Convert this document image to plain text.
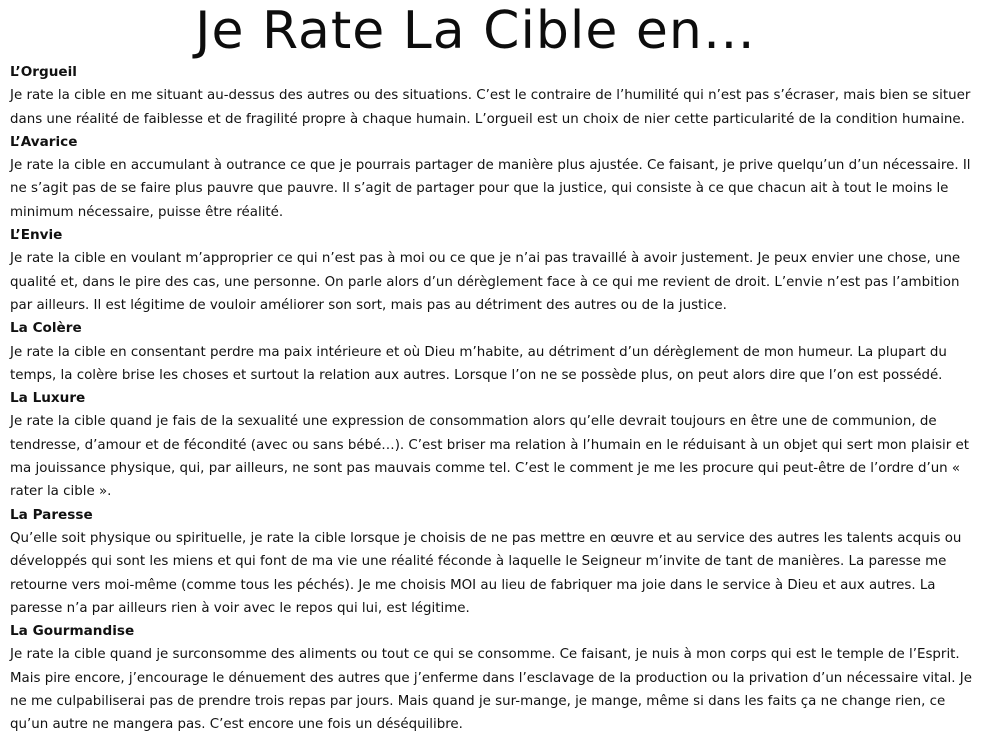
Je Rate La Cible en…

L’Orgueil

Je rate la cible en me situant au-dessus des autres ou des situations. C’est le contraire de l’humilité qui n’est pas s’écraser, mais bien se situer dans une réalité de faiblesse et de fragilité propre à chaque humain. L’orgueil est un choix de nier cette particularité de la condition humaine.

L’Avarice

Je rate la cible en accumulant à outrance ce que je pourrais partager de manière plus ajustée. Ce faisant, je prive quelqu’un d’un nécessaire. Il ne s’agit pas de se faire plus pauvre que pauvre. Il s’agit de partager pour que la justice, qui consiste à ce que chacun ait à tout le moins le minimum nécessaire, puisse être réalité.

L’Envie

Je rate la cible en voulant m’approprier ce qui n’est pas à moi ou ce que je n’ai pas travaillé à avoir justement. Je peux envier une chose, une qualité et, dans le pire des cas, une personne. On parle alors d’un dérèglement face à ce qui me revient de droit. L’envie n’est pas l’ambition par ailleurs. Il est légitime de vouloir améliorer son sort, mais pas au détriment des autres ou de la justice.

La Colère

Je rate la cible en consentant perdre ma paix intérieure et où Dieu m’habite, au détriment d’un dérèglement de mon humeur. La plupart du temps, la colère brise les choses et surtout la relation aux autres. Lorsque l’on ne se possède plus, on peut alors dire que l’on est possédé.

La Luxure

Je rate la cible quand je fais de la sexualité une expression de consommation alors qu’elle devrait toujours en être une de communion, de tendresse, d’amour et de fécondité (avec ou sans bébé…). C’est briser ma relation à l’humain en le réduisant à un objet qui sert mon plaisir et ma jouissance physique, qui, par ailleurs, ne sont pas mauvais comme tel. C’est le comment je me les procure qui peut-être de l’ordre d’un « rater la cible ».

La Paresse

Qu’elle soit physique ou spirituelle, je rate la cible lorsque je choisis de ne pas mettre en œuvre et au service des autres les talents acquis ou développés qui sont les miens et qui font de ma vie une réalité féconde à laquelle le Seigneur m’invite de tant de manières. La paresse me retourne vers moi-même (comme tous les péchés). Je me choisis MOI au lieu de fabriquer ma joie dans le service à Dieu et aux autres. La paresse n’a par ailleurs rien à voir avec le repos qui lui, est légitime.

La Gourmandise

Je rate la cible quand je surconsomme des aliments ou tout ce qui se consomme. Ce faisant, je nuis à mon corps qui est le temple de l’Esprit. Mais pire encore, j’encourage le dénuement des autres que j’enferme dans l’esclavage de la production ou la privation d’un nécessaire vital. Je ne me culpabiliserai pas de prendre trois repas par jours. Mais quand je sur-mange, je mange, même si dans les faits ça ne change rien, ce qu’un autre ne mangera pas. C’est encore une fois un déséquilibre.
